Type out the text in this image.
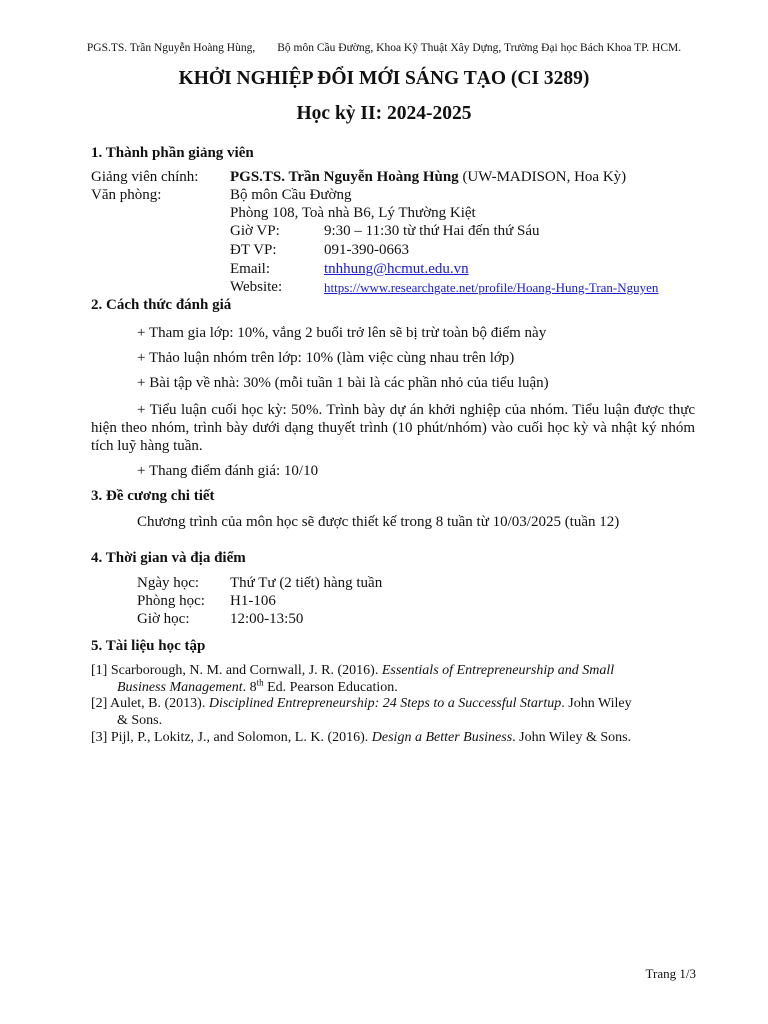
PGS.TS. Trần Nguyễn Hoàng Hùng, Bộ môn Cầu Đường, Khoa Kỹ Thuật Xây Dựng, Trường Đại học Bách Khoa TP. HCM.
KHỞI NGHIỆP ĐỔI MỚI SÁNG TẠO (CI 3289)
Học kỳ II: 2024-2025
1. Thành phần giảng viên
Giảng viên chính: PGS.TS. Trần Nguyễn Hoàng Hùng (UW-MADISON, Hoa Kỳ)
Văn phòng:	Bộ môn Cầu Đường
Phòng 108, Toà nhà B6, Lý Thường Kiệt
Giờ VP:	9:30 – 11:30 từ thứ Hai đến thứ Sáu
ĐT VP:	091-390-0663
Email:	tnhhung@hcmut.edu.vn
Website:	https://www.researchgate.net/profile/Hoang-Hung-Tran-Nguyen
2. Cách thức đánh giá
+ Tham gia lớp: 10%, vắng 2 buổi trở lên sẽ bị trừ toàn bộ điểm này
+ Thảo luận nhóm trên lớp: 10% (làm việc cùng nhau trên lớp)
+ Bài tập về nhà: 30% (mỗi tuần 1 bài là các phần nhỏ của tiểu luận)
+ Tiểu luận cuối học kỳ: 50%. Trình bày dự án khởi nghiệp của nhóm. Tiểu luận được thực hiện theo nhóm, trình bày dưới dạng thuyết trình (10 phút/nhóm) vào cuối học kỳ và nhật ký nhóm tích luỹ hàng tuần.
+ Thang điểm đánh giá: 10/10
3. Đề cương chi tiết
Chương trình của môn học sẽ được thiết kế trong 8 tuần từ 10/03/2025 (tuần 12)
4. Thời gian và địa điểm
Ngày học: Thứ Tư (2 tiết) hàng tuần
Phòng học: H1-106
Giờ học:	12:00-13:50
5. Tài liệu học tập
[1] Scarborough, N. M. and Cornwall, J. R. (2016). Essentials of Entrepreneurship and Small
Business Management. 8th Ed. Pearson Education.
[2] Aulet, B. (2013). Disciplined Entrepreneurship: 24 Steps to a Successful Startup. John Wiley
& Sons.
[3] Pijl, P., Lokitz, J., and Solomon, L. K. (2016). Design a Better Business. John Wiley & Sons.
Trang 1/3
